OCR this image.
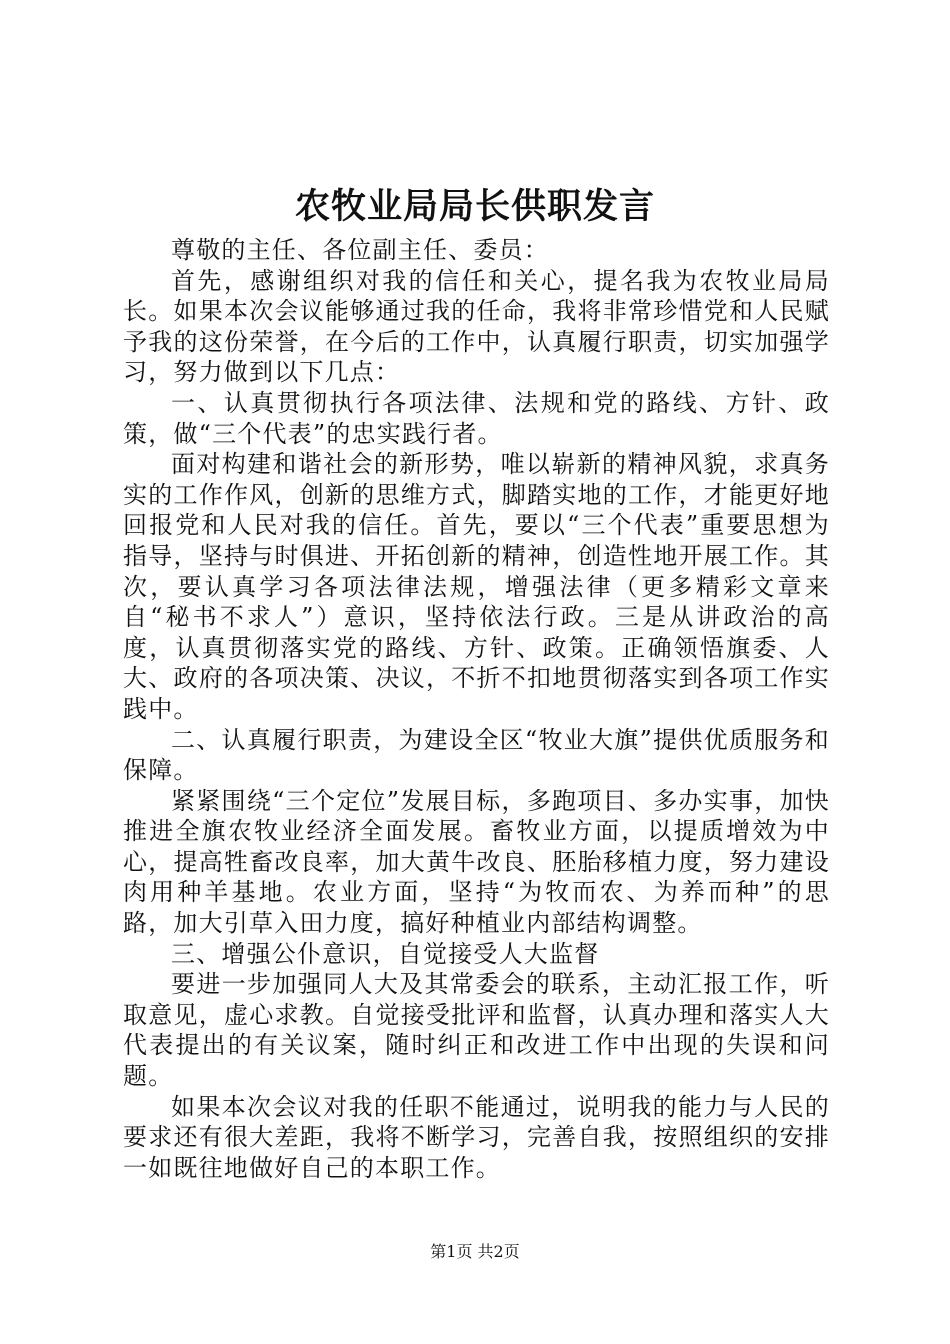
农牧业局局长供职发言

尊敬的主任、各位副主任、委员：

首先，感谢组织对我的信任和关心，提名我为农牧业局局长。如果本次会议能够通过我的任命，我将非常珍惜党和人民赋予我的这份荣誉，在今后的工作中，认真履行职责，切实加强学习，努力做到以下几点：

一、认真贯彻执行各项法律、法规和党的路线、方针、政策，做“三个代表”的忠实践行者。

面对构建和谐社会的新形势，唯以崭新的精神风貌，求真务实的工作作风，创新的思维方式，脚踏实地的工作，才能更好地回报党和人民对我的信任。首先，要以“三个代表”重要思想为指导，坚持与时俱进、开拓创新的精神，创造性地开展工作。其次，要认真学习各项法律法规，增强法律（更多精彩文章来自“秘书不求人”）意识，坚持依法行政。三是从讲政治的高度，认真贯彻落实党的路线、方针、政策。正确领悟旗委、人大、政府的各项决策、决议，不折不扣地贯彻落实到各项工作实践中。

二、认真履行职责，为建设全区“牧业大旗”提供优质服务和保障。

紧紧围绕“三个定位”发展目标，多跑项目、多办实事，加快推进全旗农牧业经济全面发展。畜牧业方面，以提质增效为中心，提高牲畜改良率，加大黄牛改良、胚胎移植力度，努力建设肉用种羊基地。农业方面，坚持“为牧而农、为养而种”的思路，加大引草入田力度，搞好种植业内部结构调整。

三、增强公仆意识，自觉接受人大监督

要进一步加强同人大及其常委会的联系，主动汇报工作，听取意见，虚心求教。自觉接受批评和监督，认真办理和落实人大代表提出的有关议案，随时纠正和改进工作中出现的失误和问题。

如果本次会议对我的任职不能通过，说明我的能力与人民的要求还有很大差距，我将不断学习，完善自我，按照组织的安排一如既往地做好自己的本职工作。

第1页 共2页
